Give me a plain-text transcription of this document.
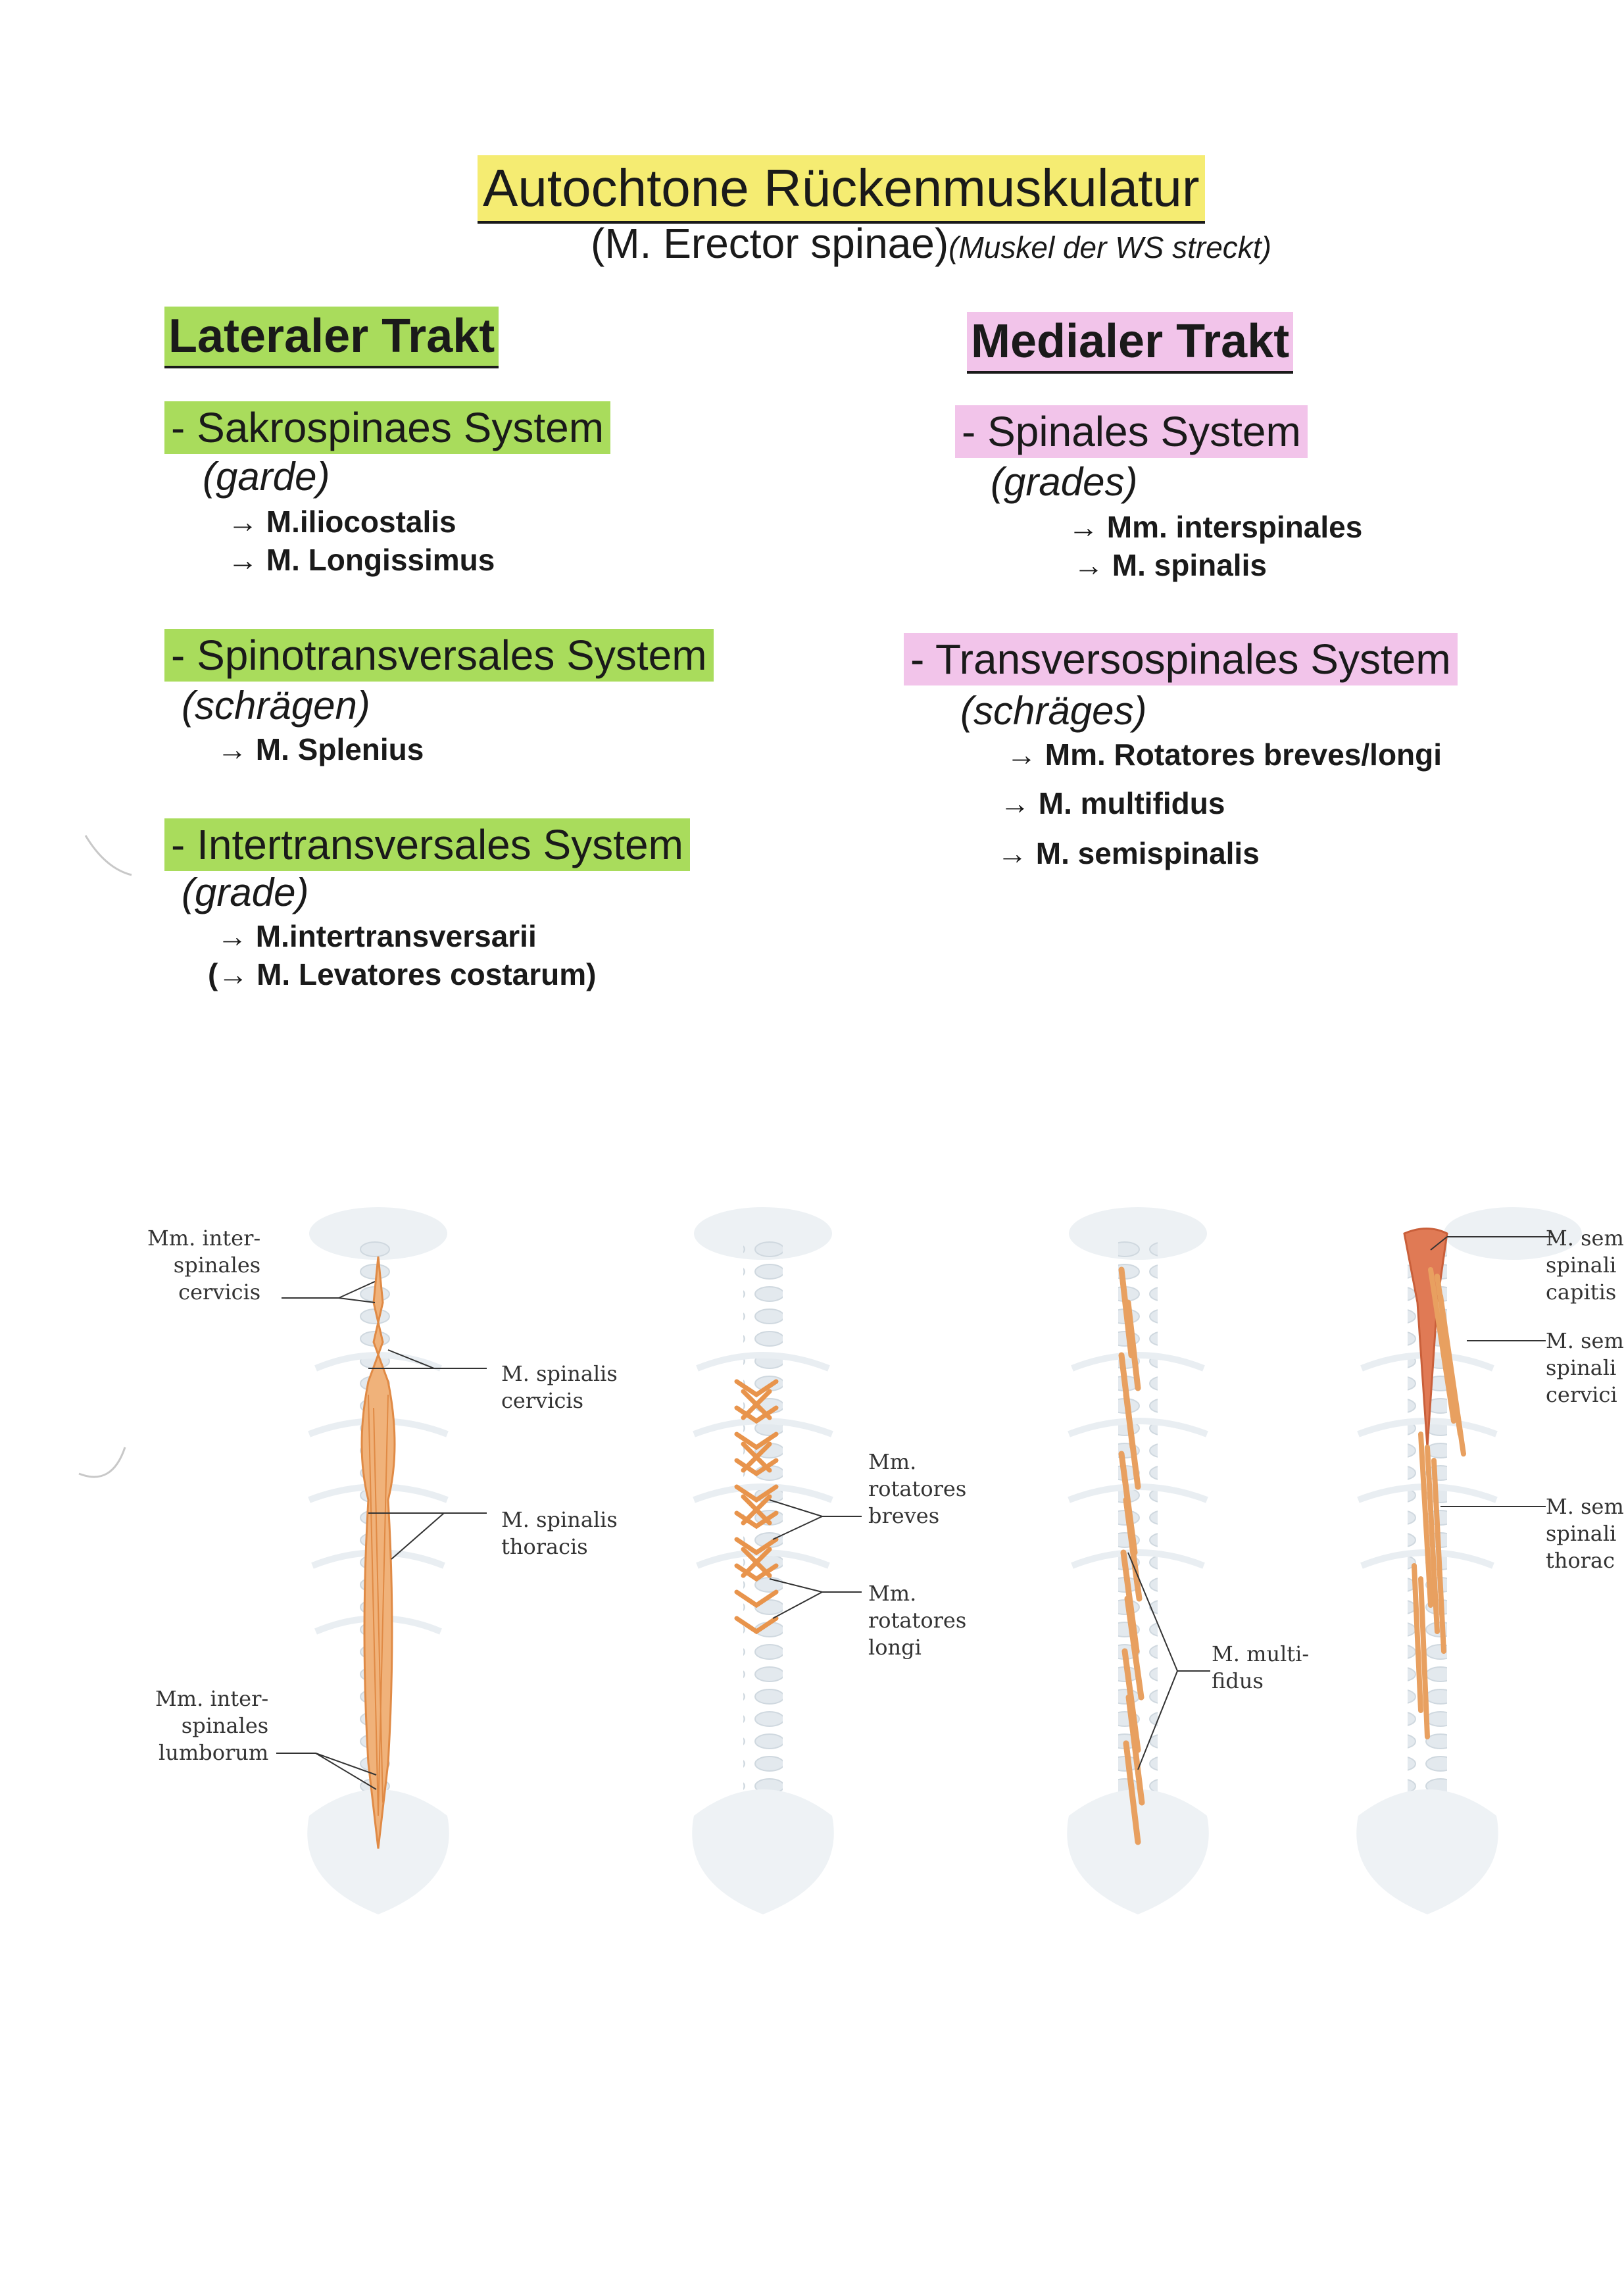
Autochtone Rückenmuskulatur
(M. Erector spinae)(Muskel der WS streckt)
Lateraler Trakt
- Sakrospinaes System
(garde)
→ M.iliocostalis
→ M. Longissimus
- Spinotransversales System
(schrägen)
→ M. Splenius
- Intertransversales System
(grade)
→ M.intertransversarii
(→ M. Levatores costarum)
Medialer Trakt
- Spinales System
(grades)
→ Mm. interspinales
→ M. spinalis
- Transversospinales System
(schräges)
→ Mm. Rotatores breves/longi
→ M. multifidus
→ M. semispinalis
Mm. inter-
spinales
cervicis
M. spinalis
cervicis
M. spinalis
thoracis
Mm. inter-
spinales
lumborum
Mm.
rotatores
breves
Mm.
rotatores
longi	M. multi-
fidus
M. sem
spinali
capitis
M. sem
spinali
cervici
M. sem
spinali
thorac
